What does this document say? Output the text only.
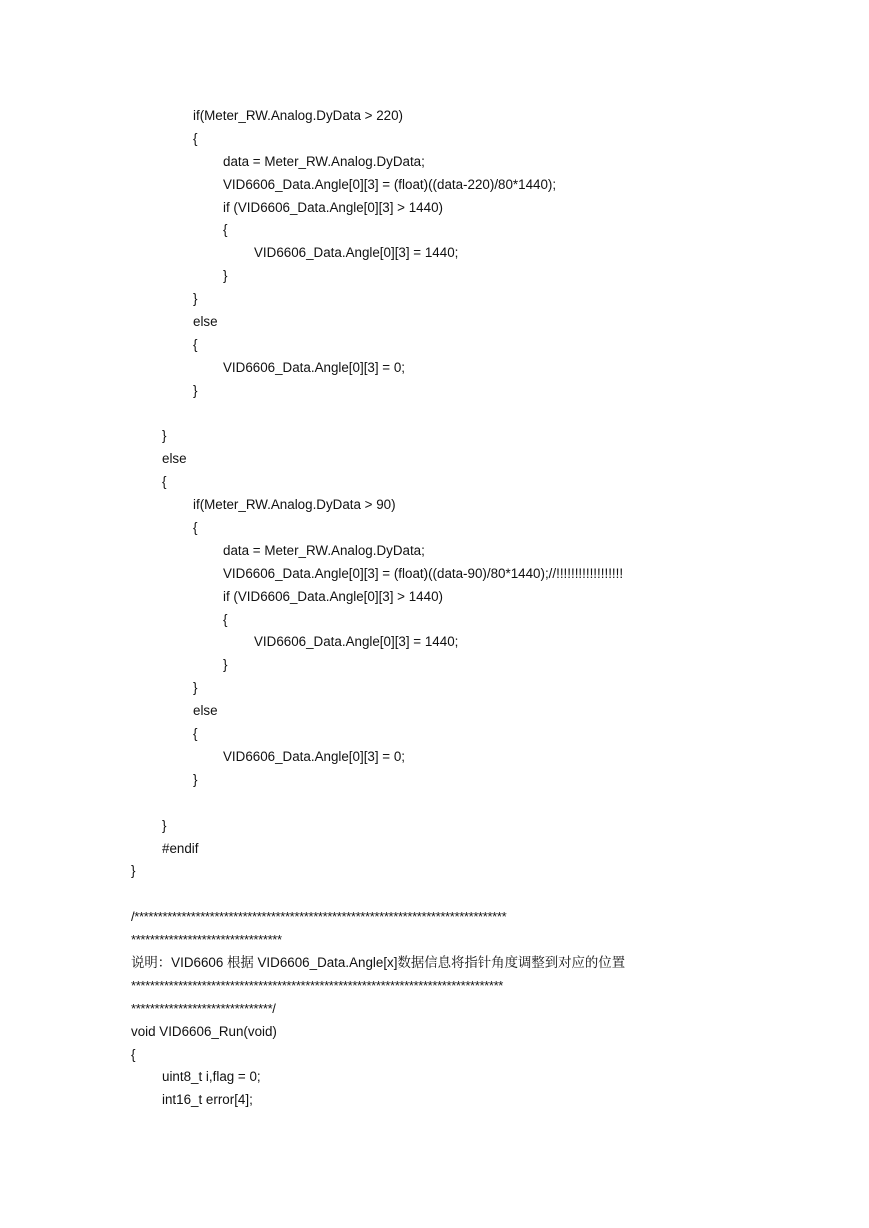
if(Meter_RW.Analog.DyData > 220)
{
data = Meter_RW.Analog.DyData;
VID6606_Data.Angle[0][3] = (float)((data-220)/80*1440);
if (VID6606_Data.Angle[0][3] > 1440)
{
VID6606_Data.Angle[0][3] = 1440;
}
}
else
{
VID6606_Data.Angle[0][3] = 0;
}
}
else
{
if(Meter_RW.Analog.DyData > 90)
{
data = Meter_RW.Analog.DyData;
VID6606_Data.Angle[0][3] = (float)((data-90)/80*1440);//!!!!!!!!!!!!!!!!!!
if (VID6606_Data.Angle[0][3] > 1440)
{
VID6606_Data.Angle[0][3] = 1440;
}
}
else
{
VID6606_Data.Angle[0][3] = 0;
}
}
#endif
}
/*******************************************************************************
********************************
说明：VID6606 根据 VID6606_Data.Angle[x]数据信息将指针角度调整到对应的位置
*******************************************************************************
******************************/
void VID6606_Run(void)
{
uint8_t i,flag = 0;
int16_t error[4];
